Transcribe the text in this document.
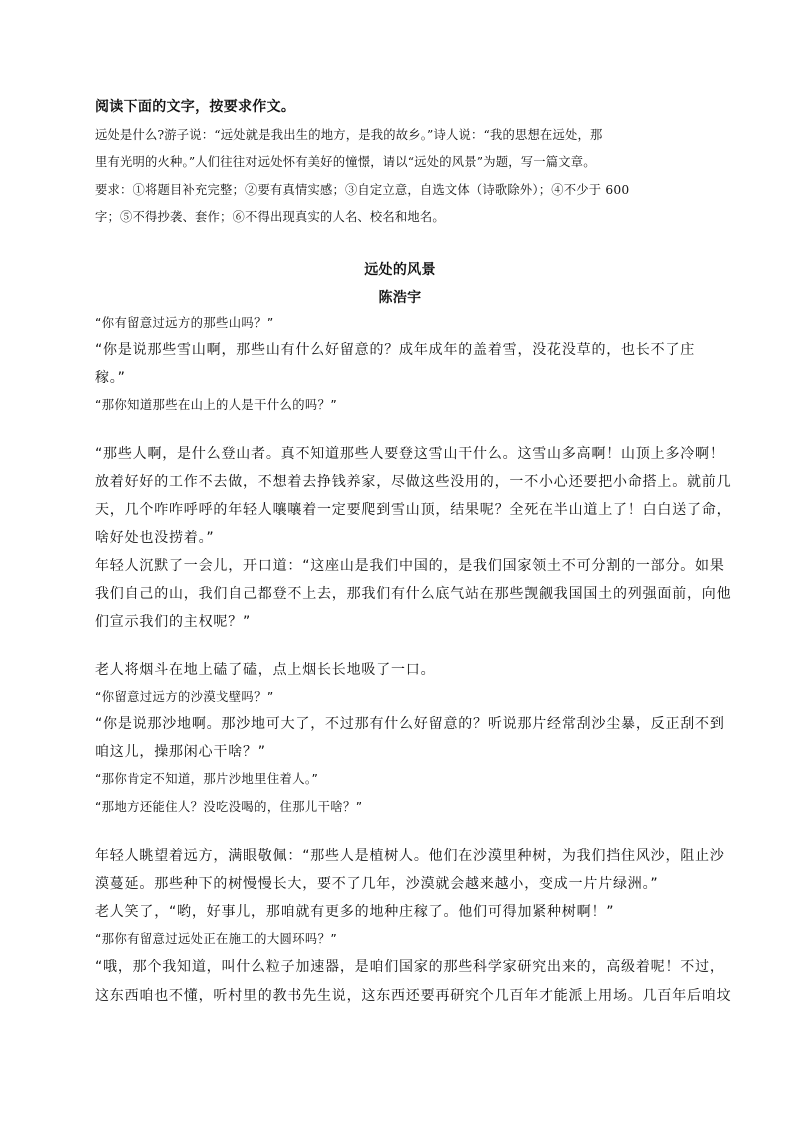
阅读下面的文字，按要求作文。
远处是什么?游子说：“远处就是我出生的地方，是我的故乡。”诗人说：“我的思想在远处，那
里有光明的火种。”人们往往对远处怀有美好的憧憬，请以“远处的风景”为题，写一篇文章。
要求：①将题目补充完整；②要有真情实感；③自定立意，自选文体（诗歌除外）；④不少于 600
字；⑤不得抄袭、套作；⑥不得出现真实的人名、校名和地名。
远处的风景
陈浩宇
“你有留意过远方的那些山吗？”
“你是说那些雪山啊，那些山有什么好留意的？成年成年的盖着雪，没花没草的，也长不了庄
稼。”
“那你知道那些在山上的人是干什么的吗？”
“那些人啊，是什么登山者。真不知道那些人要登这雪山干什么。这雪山多高啊！山顶上多冷啊！
放着好好的工作不去做，不想着去挣钱养家，尽做这些没用的，一不小心还要把小命搭上。就前几
天，几个咋咋呼呼的年轻人嚷嚷着一定要爬到雪山顶，结果呢？全死在半山道上了！白白送了命，
啥好处也没捞着。”
年轻人沉默了一会儿，开口道：“这座山是我们中国的，是我们国家领土不可分割的一部分。如果
我们自己的山，我们自己都登不上去，那我们有什么底气站在那些觊觎我国国土的列强面前，向他
们宣示我们的主权呢？”
老人将烟斗在地上磕了磕，点上烟长长地吸了一口。
“你留意过远方的沙漠戈壁吗？”
“你是说那沙地啊。那沙地可大了，不过那有什么好留意的？听说那片经常刮沙尘暴，反正刮不到
咱这儿，操那闲心干啥？”
“那你肯定不知道，那片沙地里住着人。”
“那地方还能住人？没吃没喝的，住那儿干啥？”
年轻人眺望着远方，满眼敬佩：“那些人是植树人。他们在沙漠里种树，为我们挡住风沙，阻止沙
漠蔓延。那些种下的树慢慢长大，要不了几年，沙漠就会越来越小，变成一片片绿洲。”
老人笑了，“哟，好事儿，那咱就有更多的地种庄稼了。他们可得加紧种树啊！”
“那你有留意过远处正在施工的大圆环吗？”
“哦，那个我知道，叫什么粒子加速器，是咱们国家的那些科学家研究出来的，高级着呢！不过，
这东西咱也不懂，听村里的教书先生说，这东西还要再研究个几百年才能派上用场。几百年后咱坟
